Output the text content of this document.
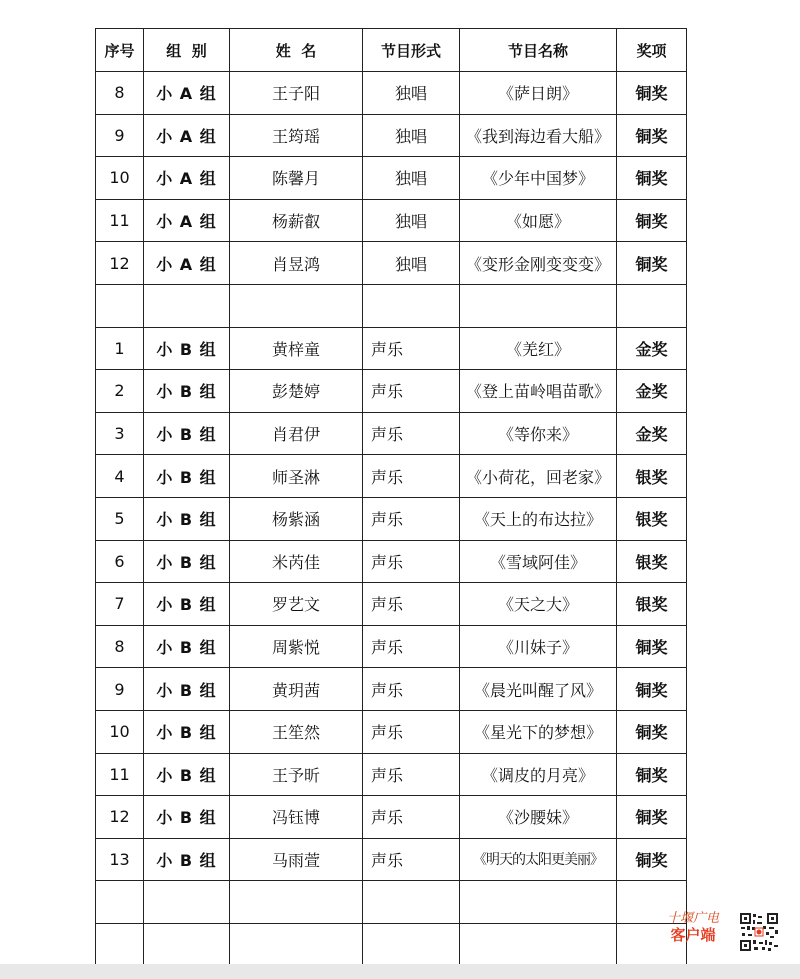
序号	组  别	姓  名	节目形式	节目名称	奖项
8	小 A 组	王子阳	独唱	《萨日朗》	铜奖
9	小 A 组	王筠瑶	独唱	《我到海边看大船》	铜奖
10	小 A 组	陈馨月	独唱	《少年中国梦》	铜奖
11	小 A 组	杨薪叡	独唱	《如愿》	铜奖
12	小 A 组	肖昱鸿	独唱	《变形金刚变变变》	铜奖

1	小 B 组	黄梓童	声乐	《羌红》	金奖
2	小 B 组	彭楚婷	声乐	《登上苗岭唱苗歌》	金奖
3	小 B 组	肖君伊	声乐	《等你来》	金奖
4	小 B 组	师圣淋	声乐	《小荷花，回老家》	银奖
5	小 B 组	杨紫涵	声乐	《天上的布达拉》	银奖
6	小 B 组	米芮佳	声乐	《雪域阿佳》	银奖
7	小 B 组	罗艺文	声乐	《天之大》	银奖
8	小 B 组	周紫悦	声乐	《川妹子》	铜奖
9	小 B 组	黄玥茜	声乐	《晨光叫醒了风》	铜奖
10	小 B 组	王笙然	声乐	《星光下的梦想》	铜奖
11	小 B 组	王予昕	声乐	《调皮的月亮》	铜奖
12	小 B 组	冯钰博	声乐	《沙腰妹》	铜奖
13	小 B 组	马雨萱	声乐	《明天的太阳更美丽》	铜奖

十堰广电
客户端
